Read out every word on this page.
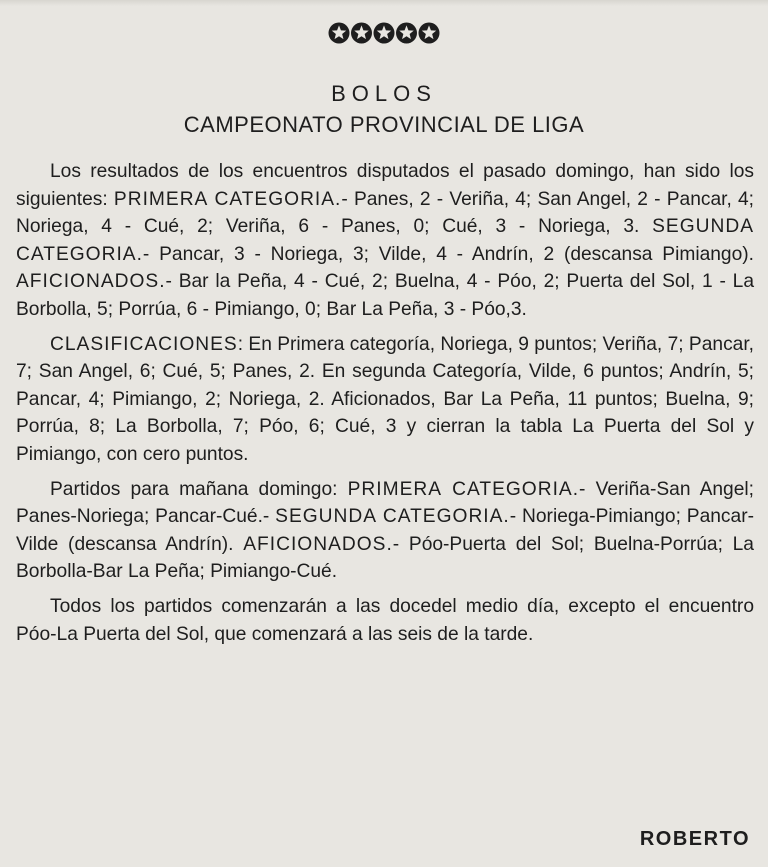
BOLOS
CAMPEONATO PROVINCIAL DE LIGA

Los resultados de los encuentros disputados el pasado domingo, han sido los siguientes: PRIMERA CATEGORIA.- Panes, 2 - Veriña, 4; San Angel, 2 - Pancar, 4; Noriega, 4 - Cué, 2; Veriña, 6 - Panes, 0; Cué, 3 - Noriega, 3. SEGUNDA CATEGORIA.- Pancar, 3 - Noriega, 3; Vilde, 4 - Andrín, 2 (descansa Pimiango). AFICIONADOS.- Bar la Peña, 4 - Cué, 2; Buelna, 4 - Póo, 2; Puerta del Sol, 1 - La Borbolla, 5; Porrúa, 6 - Pimiango, 0; Bar La Peña, 3 - Póo,3.

CLASIFICACIONES: En Primera categoría, Noriega, 9 puntos; Veriña, 7; Pancar, 7; San Angel, 6; Cué, 5; Panes, 2. En segunda Categoría, Vilde, 6 puntos; Andrín, 5; Pancar, 4; Pimiango, 2; Noriega, 2. Aficionados, Bar La Peña, 11 puntos; Buelna, 9; Porrúa, 8; La Borbolla, 7; Póo, 6; Cué, 3 y cierran la tabla La Puerta del Sol y Pimiango, con cero puntos.

Partidos para mañana domingo: PRIMERA CATEGORIA.- Veriña-San Angel; Panes-Noriega; Pancar-Cué.- SEGUNDA CATEGORIA.- Noriega-Pimiango; Pancar-Vilde (descansa Andrín). AFICIONADOS.- Póo-Puerta del Sol; Buelna-Porrúa; La Borbolla-Bar La Peña; Pimiango-Cué.

Todos los partidos comenzarán a las docedel medio día, excepto el encuentro Póo-La Puerta del Sol, que comenzará a las seis de la tarde.

ROBERTO
